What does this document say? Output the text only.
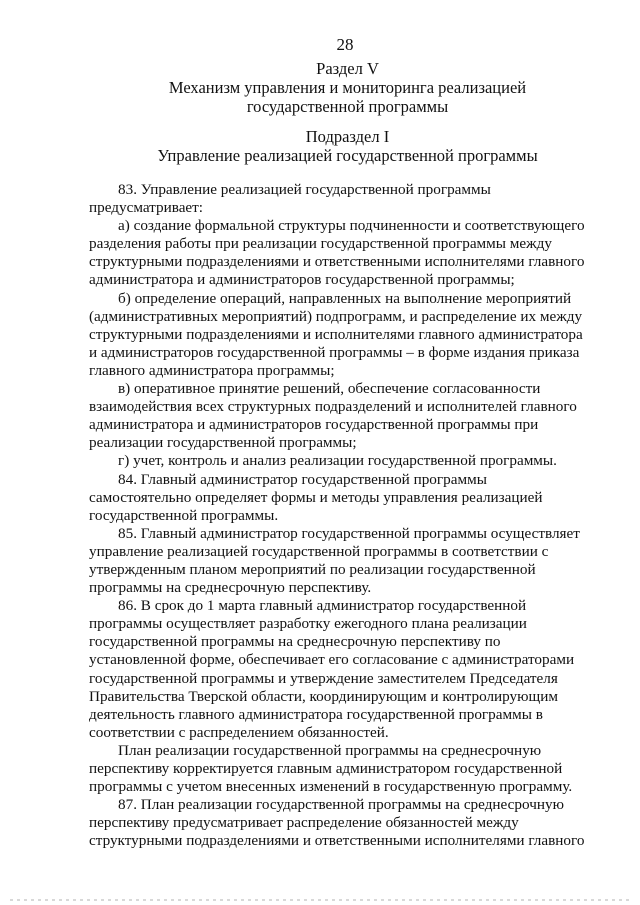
28
Раздел V
Механизм управления и мониторинга реализацией
государственной программы
Подраздел I
Управление реализацией государственной программы

83. Управление реализацией государственной программы
предусматривает:

а) создание формальной структуры подчиненности и соответствующего
разделения работы при реализации государственной программы между
структурными подразделениями и ответственными исполнителями главного
администратора и администраторов государственной программы;

б) определение операций, направленных на выполнение мероприятий
(административных мероприятий) подпрограмм, и распределение их между
структурными подразделениями и исполнителями главного администратора
и администраторов государственной программы – в форме издания приказа
главного администратора программы;

в) оперативное принятие решений, обеспечение согласованности
взаимодействия всех структурных подразделений и исполнителей главного
администратора и администраторов государственной программы при
реализации государственной программы;

г) учет, контроль и анализ реализации государственной программы.

84. Главный администратор государственной программы
самостоятельно определяет формы и методы управления реализацией
государственной программы.

85. Главный администратор государственной программы осуществляет
управление реализацией государственной программы в соответствии с
утвержденным планом мероприятий по реализации государственной
программы на среднесрочную перспективу.

86. В срок до 1 марта главный администратор государственной
программы осуществляет разработку ежегодного плана реализации
государственной программы на среднесрочную перспективу по
установленной форме, обеспечивает его согласование с администраторами
государственной программы и утверждение заместителем Председателя
Правительства Тверской области, координирующим и контролирующим
деятельность главного администратора государственной программы в
соответствии с распределением обязанностей.

План реализации государственной программы на среднесрочную
перспективу корректируется главным администратором государственной
программы с учетом внесенных изменений в государственную программу.

87. План реализации государственной программы на среднесрочную
перспективу предусматривает распределение обязанностей между
структурными подразделениями и ответственными исполнителями главного
